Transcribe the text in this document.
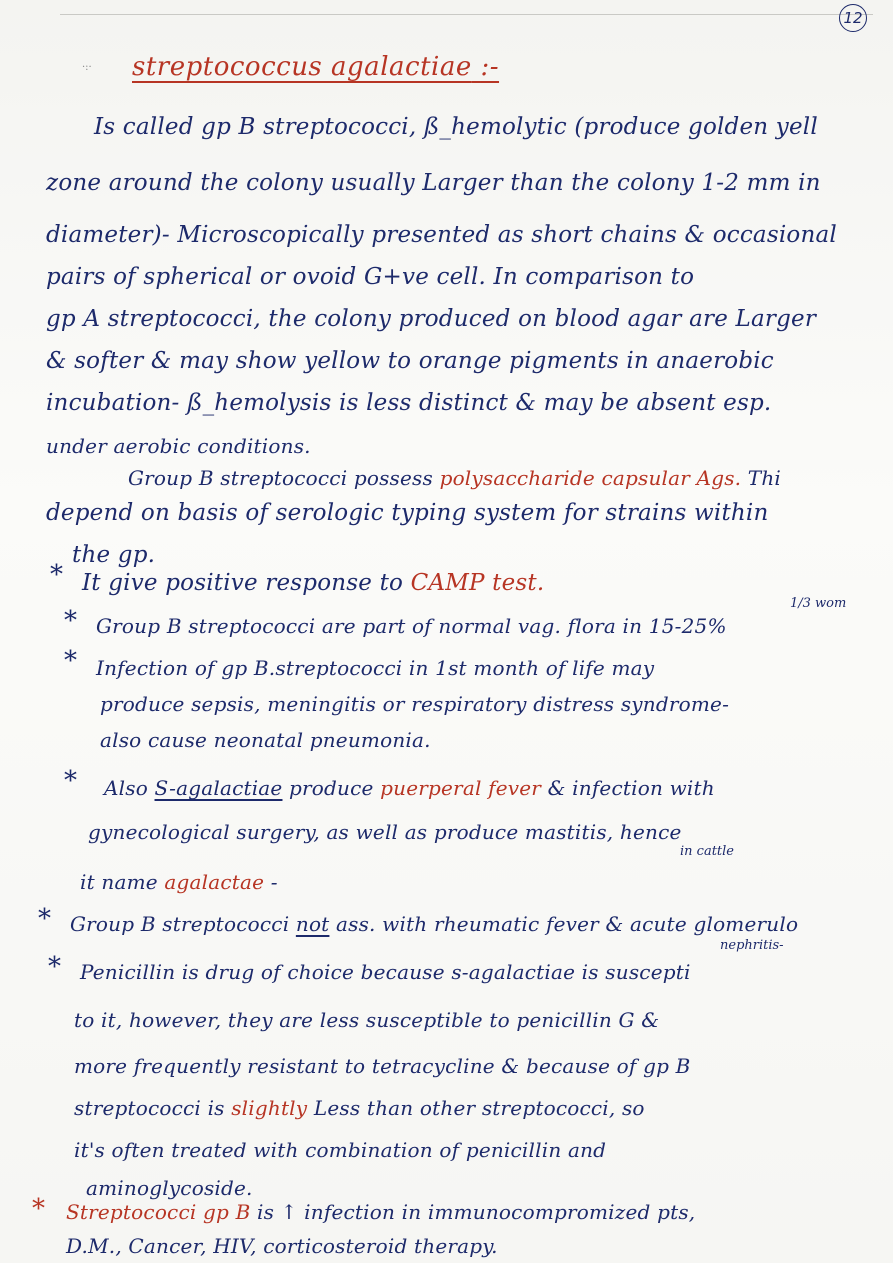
12
·:· streptococcus agalactiae :-
Is called gp B streptococci, ß_hemolytic (produce golden yell
zone around the colony usually Larger than the colony 1-2 mm in
diameter)- Microscopically presented as short chains & occasional
pairs of spherical or ovoid G+ve cell. In comparison to
gp A streptococci, the colony produced on blood agar are Larger
& softer & may show yellow to orange pigments in anaerobic
incubation- ß_hemolysis is less distinct & may be absent esp.
under aerobic conditions.
Group B streptococci possess polysaccharide capsular Ags. Thi
depend on basis of serologic typing system for strains within
the gp.
* It give positive response to CAMP test.
1/3 wom
* Group B streptococci are part of normal vag. flora in 15-25%
* Infection of gp B.streptococci in 1st month of life may
produce sepsis, meningitis or respiratory distress syndrome-
also cause neonatal pneumonia.
* Also S-agalactiae produce puerperal fever & infection with
gynecological surgery, as well as produce mastitis, hence
in cattle
it name agalactae -
* Group B streptococci not ass. with rheumatic fever & acute glomerulo
nephritis-
* Penicillin is drug of choice because s-agalactiae is suscepti
to it, however, they are less susceptible to penicillin G &
more frequently resistant to tetracycline & because of gp B
streptococci is slightly Less than other streptococci, so
it's often treated with combination of penicillin and
aminoglycoside.
* Streptococci gp B is ↑ infection in immunocompromized pts,
D.M., Cancer, HIV, corticosteroid therapy.
